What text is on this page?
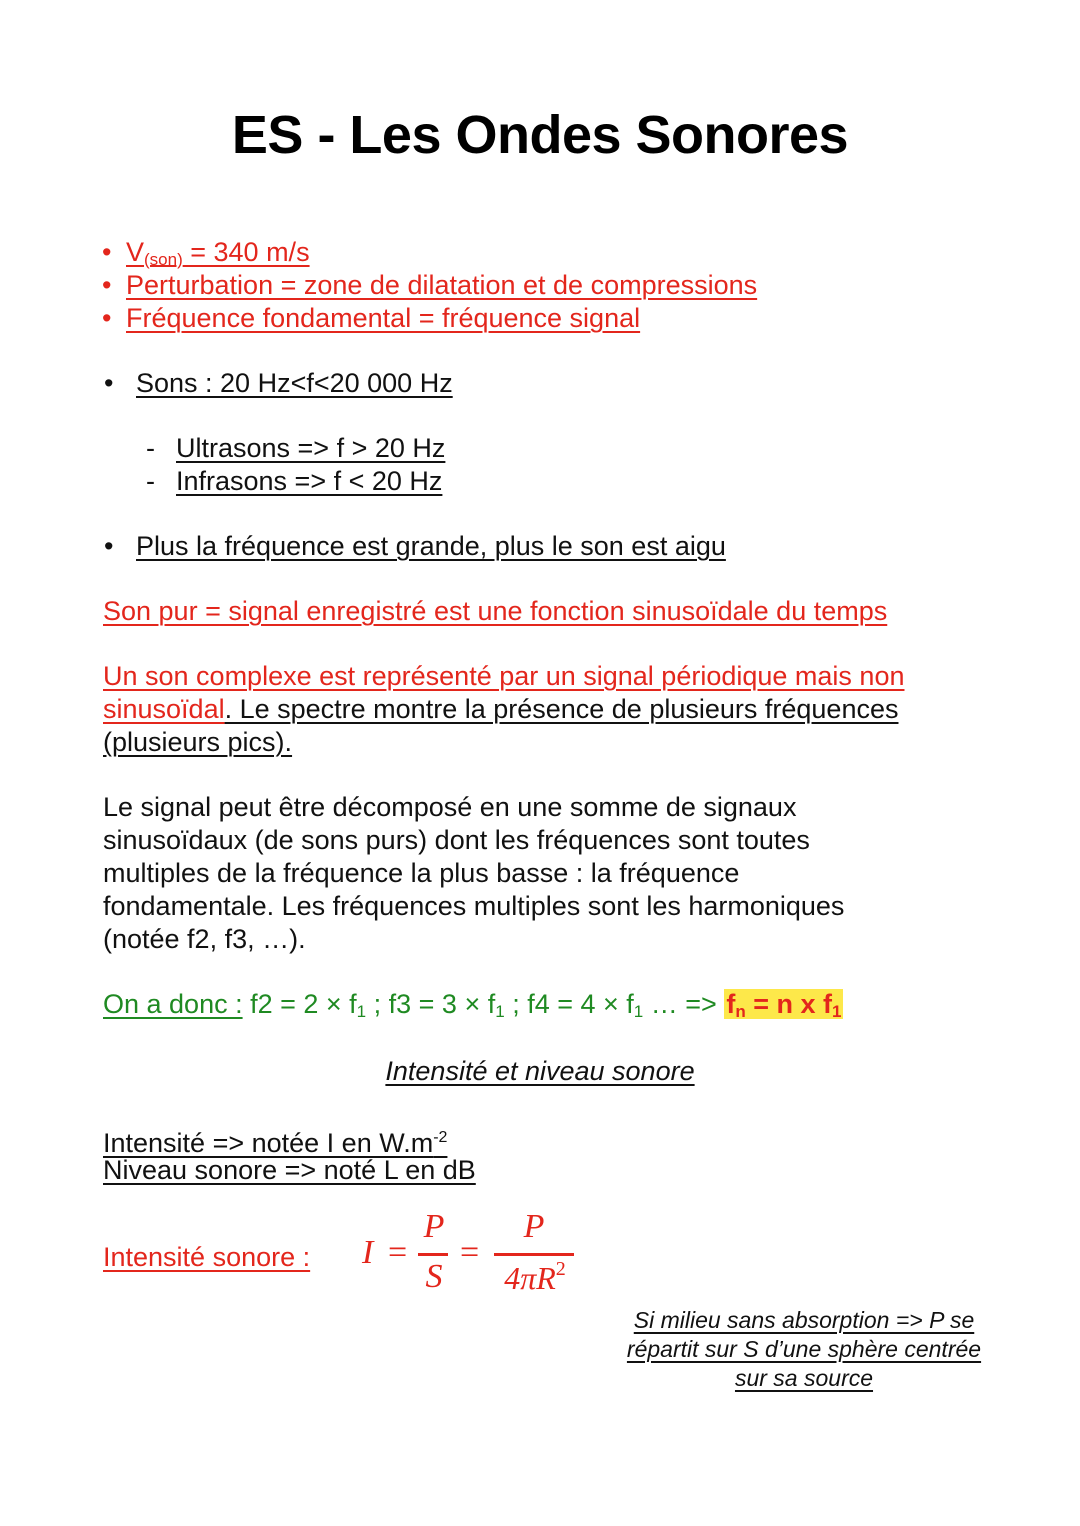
ES - Les Ondes Sonores
• $V_{(son)} = 340$ m/s
• Perturbation = zone de dilatation et de compressions
• Fréquence fondamental = fréquence signal
• Sons : 20 Hz<f<20 000 Hz
- Ultrasons => f > 20 Hz
- Infrasons => f < 20 Hz
• Plus la fréquence est grande, plus le son est aigu
Son pur = signal enregistré est une fonction sinusoïdale du temps
Un son complexe est représenté par un signal périodique mais non
sinusoïdal. Le spectre montre la présence de plusieurs fréquences
(plusieurs pics).
Le signal peut être décomposé en une somme de signaux
sinusoïdaux (de sons purs) dont les fréquences sont toutes
multiples de la fréquence la plus basse : la fréquence
fondamentale. Les fréquences multiples sont les harmoniques
(notée f2, f3, …).
On a donc : $f2 = 2 \times f_1$ ; $f3 = 3 \times f_1$ ; $f4 = 4 \times f_1$ … => $f_n = n$ x $f_1$
Intensité et niveau sonore
Intensité => notée I en $W.m^{-2}$
Niveau sonore => noté L en dB
Intensité sonore : I =
P
S
=
P
$4\pi R^2$
Si milieu sans absorption => P se répartit sur S d’une sphère centrée sur sa source
